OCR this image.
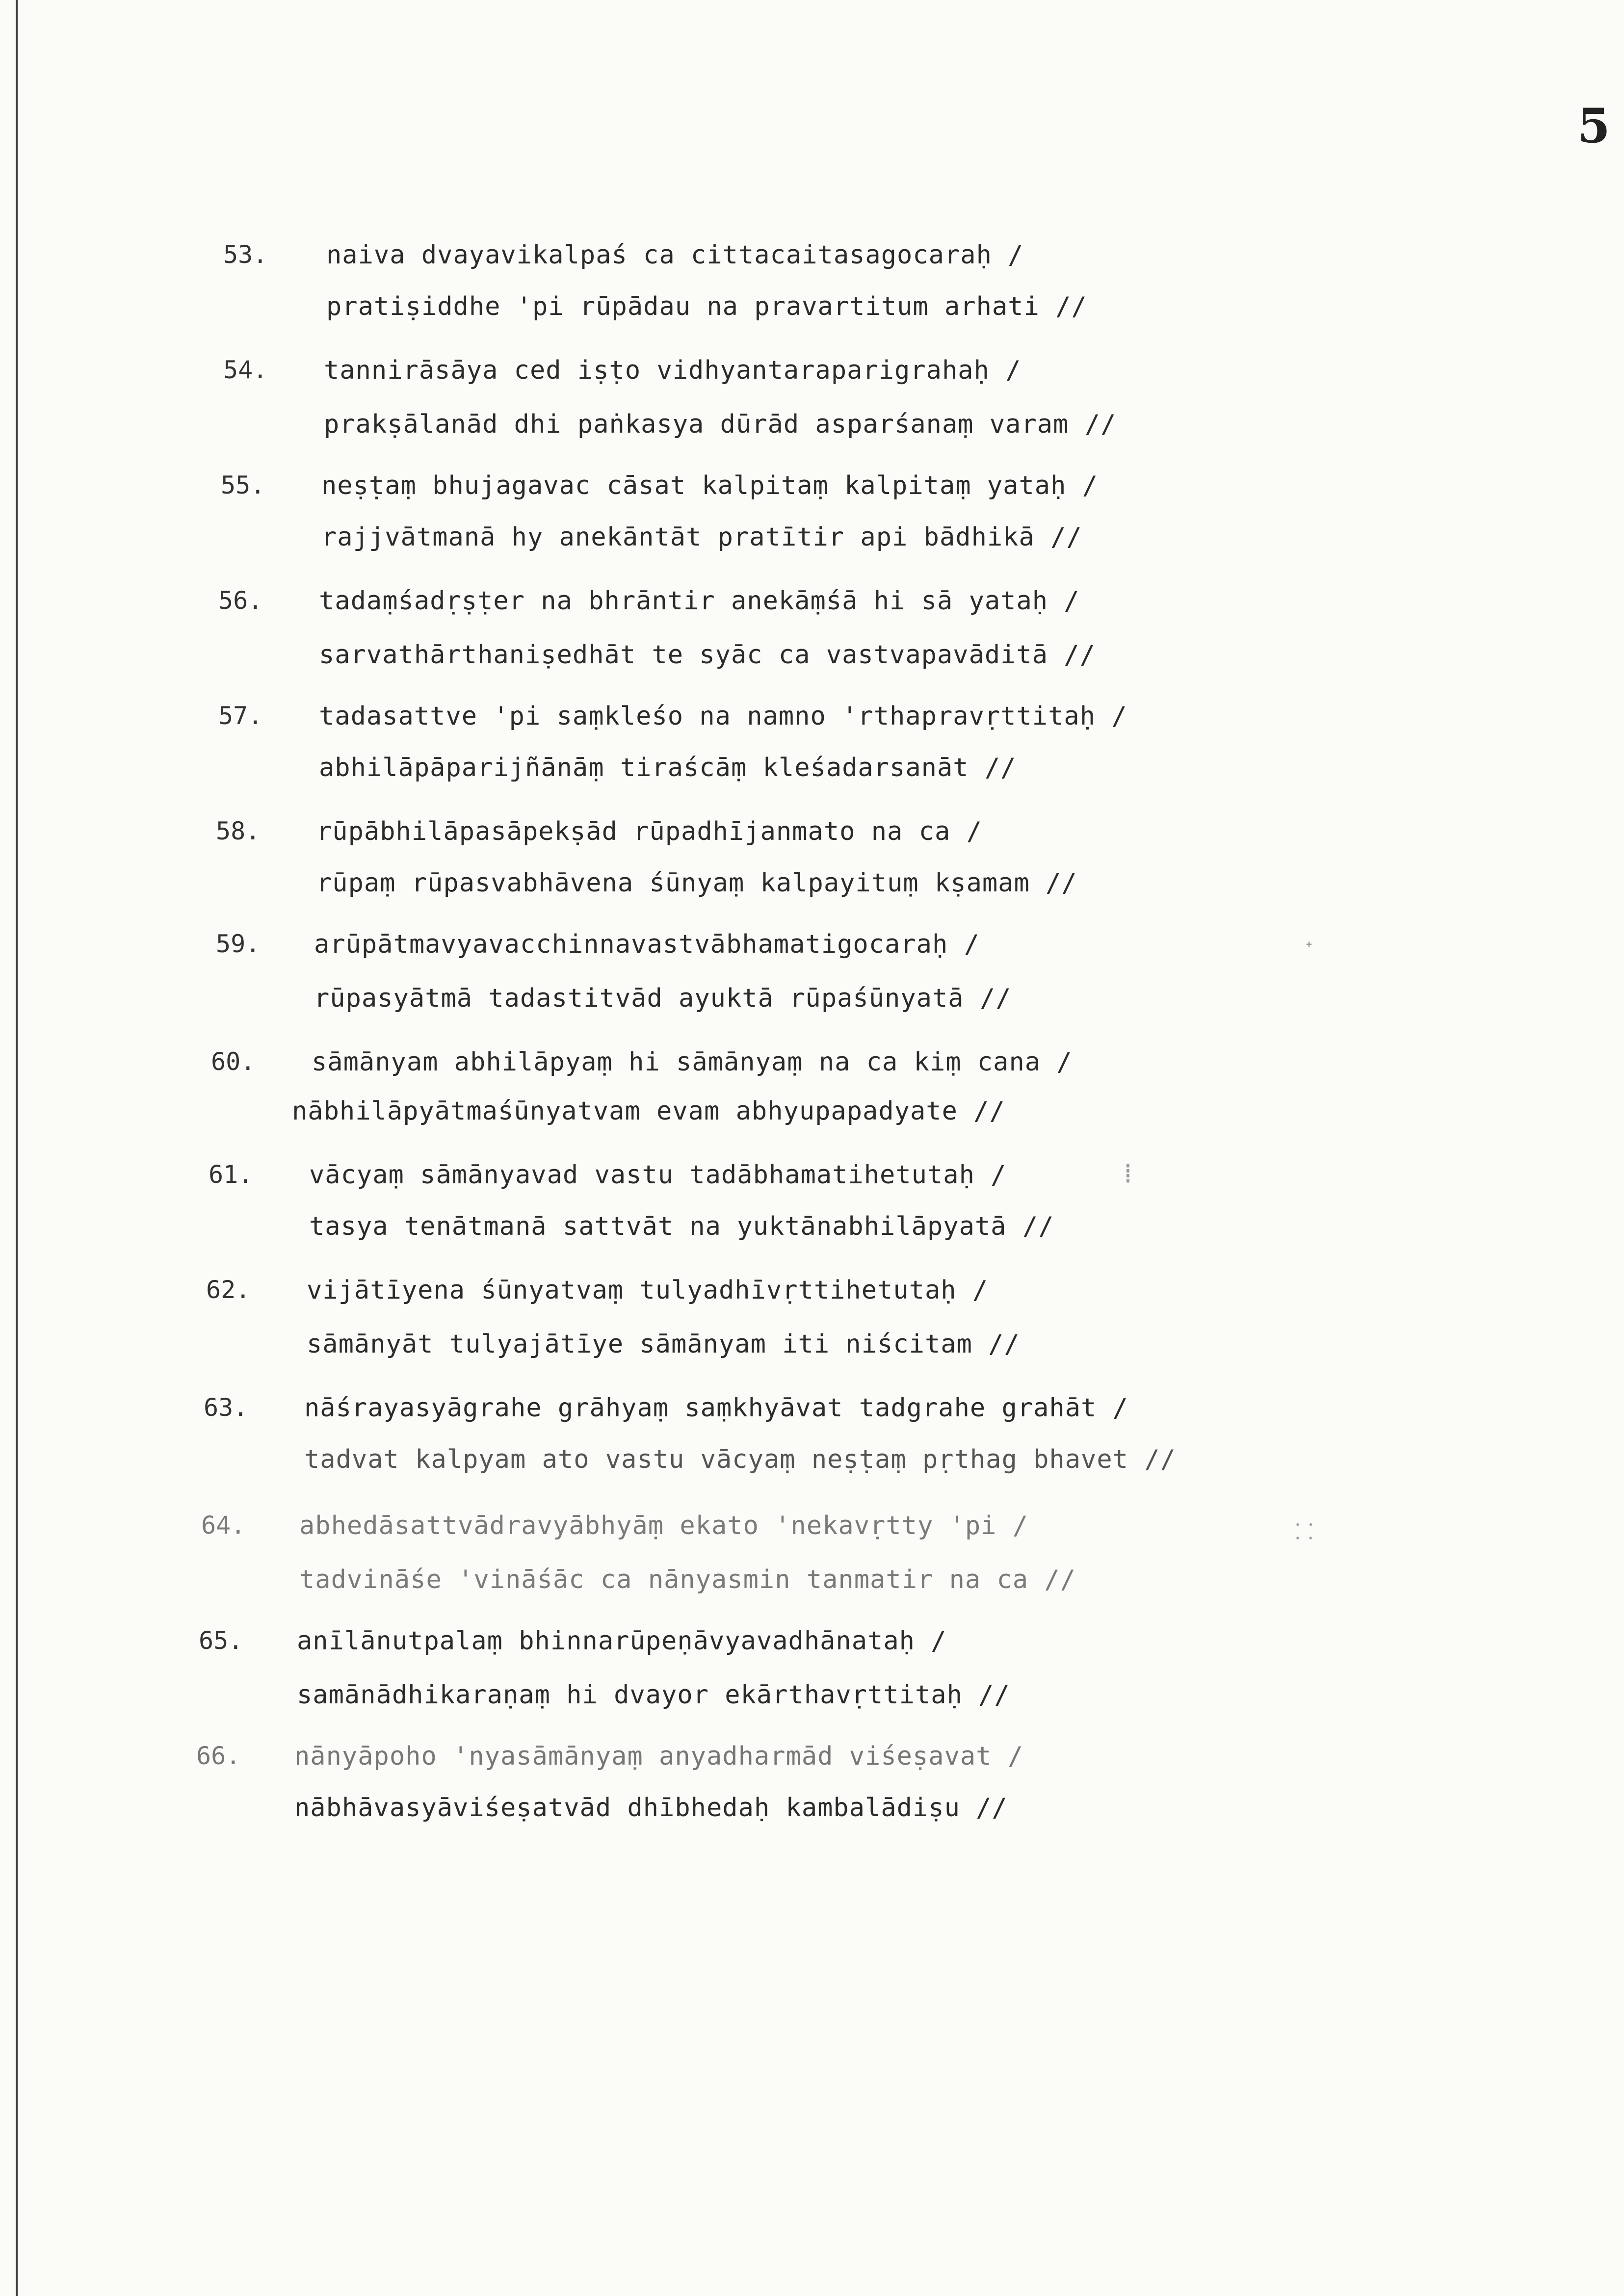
5
53. naiva dvayavikalpaś ca cittacaitasagocaraḥ /
pratiṣiddhe 'pi rūpādau na pravartitum arhati //
54. tannirāsāya ced iṣṭo vidhyantaraparigrahaḥ /
prakṣālanād dhi paṅkasya dūrād asparśanaṃ varam //
55. neṣṭaṃ bhujagavac cāsat kalpitaṃ kalpitaṃ yataḥ /
rajjvātmanā hy anekāntāt pratītir api bādhikā //
56. tadaṃśadṛṣṭer na bhrāntir anekāṃśā hi sā yataḥ /
sarvathārthaniṣedhāt te syāc ca vastvapavāditā //
57. tadasattve 'pi saṃkleśo na namno 'rthapravṛttitaḥ /
abhilāpāparijñānāṃ tiraścāṃ kleśadarsanāt //
58. rūpābhilāpasāpekṣād rūpadhījanmato na ca /
rūpaṃ rūpasvabhāvena śūnyaṃ kalpayituṃ kṣamam //
59. arūpātmavyavacchinnavastvābhamatigocaraḥ /
rūpasyātmā tadastitvād ayuktā rūpaśūnyatā //
60. sāmānyam abhilāpyaṃ hi sāmānyaṃ na ca kiṃ cana /
nābhilāpyātmaśūnyatvam evam abhyupapadyate //
61. vācyaṃ sāmānyavad vastu tadābhamatihetutaḥ /
tasya tenātmanā sattvāt na yuktānabhilāpyatā //
62. vijātīyena śūnyatvaṃ tulyadhīvṛttihetutaḥ /
sāmānyāt tulyajātīye sāmānyam iti niścitam //
63. nāśrayasyāgrahe grāhyaṃ saṃkhyāvat tadgrahe grahāt /
tadvat kalpyam ato vastu vācyaṃ neṣṭaṃ pṛthag bhavet //
64. abhedāsattvādravyābhyāṃ ekato 'nekavṛtty 'pi /
tadvināśe 'vināśāc ca nānyasmin tanmatir na ca //
65. anīlānutpalaṃ bhinnarūpeṇāvyavadhānataḥ /
samānādhikaraṇaṃ hi dvayor ekārthavṛttitaḥ //
66. nānyāpoho 'nyasāmānyaṃ anyadharmād viśeṣavat /
nābhāvasyāviśeṣatvād dhībhedaḥ kambalādiṣu //
ᐩ
⁞
⸬
